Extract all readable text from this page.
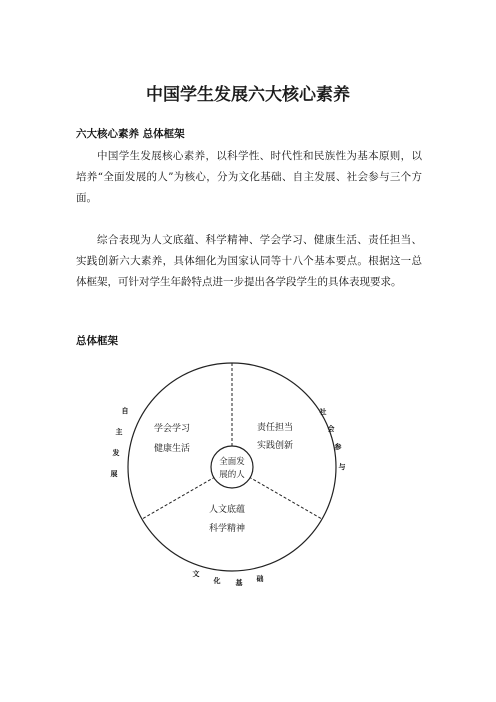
中国学生发展六大核心素养
六大核心素养 总体框架

中国学生发展核心素养，以科学性、时代性和民族性为基本原则，以培养“全面发展的人”为核心，分为文化基础、自主发展、社会参与三个方面。

综合表现为人文底蕴、科学精神、学会学习、健康生活、责任担当、实践创新六大素养，具体细化为国家认同等十八个基本要点。根据这一总体框架，可针对学生年龄特点进一步提出各学段学生的具体表现要求。

总体框架
全面发
展的人
学会学习
健康生活
责任担当
实践创新
人文底蕴
科学精神
自
主
发
展
社
会
参
与
文
化 基 础
